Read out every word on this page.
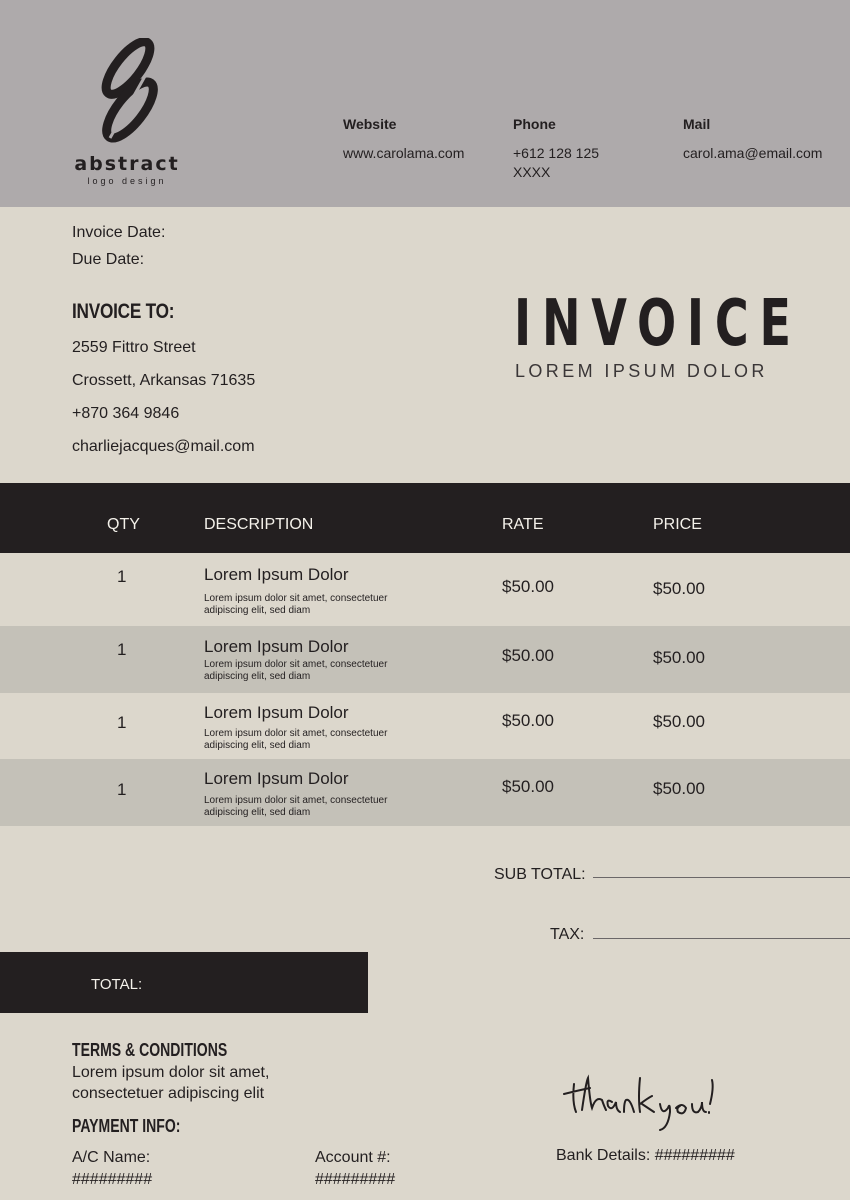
abstract
logo design
Website
www.carolama.com
Phone
+612 128 125 XXXX
Mail
carol.ama@email.com
Invoice Date:
Due Date:
INVOICE TO:
2559 Fittro Street
Crossett, Arkansas 71635
+870 364 9846
charliejacques@mail.com
INVOICE
LOREM IPSUM DOLOR
QTY	DESCRIPTION	RATE	PRICE
1	Lorem Ipsum Dolor
Lorem ipsum dolor sit amet, consectetuer adipiscing elit, sed diam
$50.00	$50.00
1	Lorem Ipsum Dolor
Lorem ipsum dolor sit amet, consectetuer adipiscing elit, sed diam
$50.00	$50.00
1
Lorem Ipsum Dolor
Lorem ipsum dolor sit amet, consectetuer adipiscing elit, sed diam
$50.00	$50.00
1
Lorem Ipsum Dolor
Lorem ipsum dolor sit amet, consectetuer adipiscing elit, sed diam
$50.00	$50.00
SUB TOTAL:
TAX:
TOTAL:
TERMS & CONDITIONS
Lorem ipsum dolor sit amet, consectetuer adipiscing elit
PAYMENT INFO:
A/C Name:
#########
Account #:
#########
Bank Details: #########
